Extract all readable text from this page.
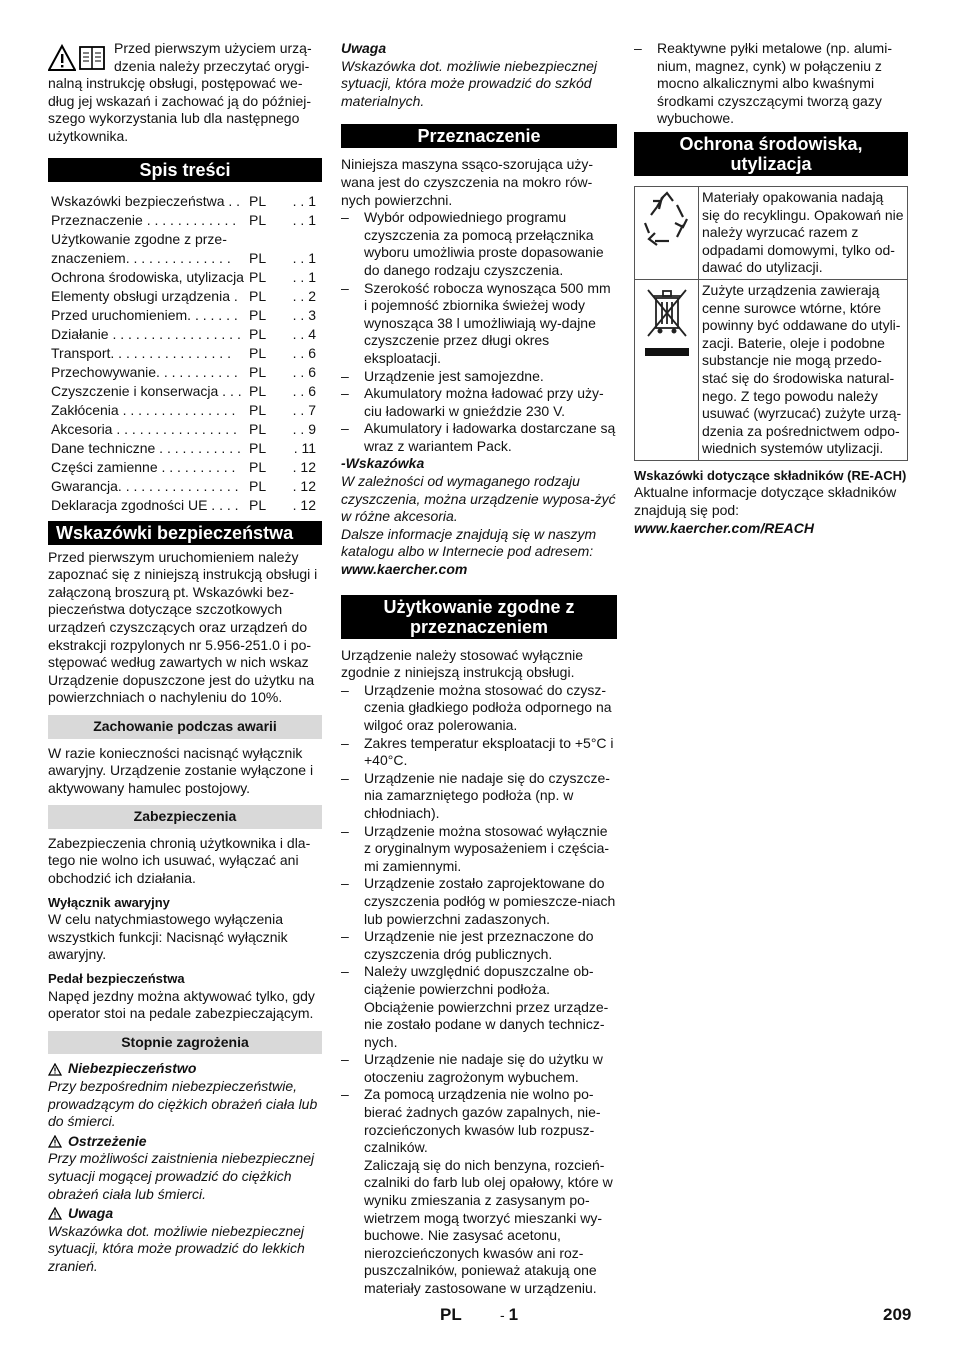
Przed pierwszym użyciem urzą-dzenia należy przeczytać orygi-nalną instrukcję obsługi, postępować we-dług jej wskazań i zachować ją do później-szego wykorzystania lub dla następnego użytkownika.

Spis treści
Wskazówki bezpieczeństwa . .	PL	. . 1
Przeznaczenie . . . . . . . . . . . .	PL	. . 1
Użytkowanie zgodne z prze-		
znaczeniem. . . . . . . . . . . . . .	PL	. . 1
Ochrona środowiska, utylizacja	PL	. . 1
Elementy obsługi urządzenia .	PL	. . 2
Przed uruchomieniem. . . . . . .	PL	. . 3
Działanie . . . . . . . . . . . . . . . . .	PL	. . 4
Transport. . . . . . . . . . . . . . . .	PL	. . 6
Przechowywanie. . . . . . . . . . .	PL	. . 6
Czyszczenie i konserwacja . . .	PL	. . 6
Zakłócenia . . . . . . . . . . . . . . .	PL	. . 7
Akcesoria . . . . . . . . . . . . . . . .	PL	. . 9
Dane techniczne . . . . . . . . . . .	PL	. 11
Części zamienne . . . . . . . . . .	PL	. 12
Gwarancja. . . . . . . . . . . . . . . .	PL	. 12
Deklaracja zgodności UE . . . .	PL	. 12
Wskazówki bezpieczeństwa

Przed pierwszym uruchomieniem należy zapoznać się z niniejszą instrukcją obsługi i załączoną broszurą pt. Wskazówki bez-pieczeństwa dotyczące szczotkowych urządzeń czyszczących oraz urządzeń do ekstrakcji rozpylonych nr 5.956-251.0 i po-stępować według zawartych w nich wskaz Urządzenie dopuszczone jest do użytku na powierzchniach o nachyleniu do 10%.

Zachowanie podczas awarii

W razie konieczności nacisnąć wyłącznik awaryjny. Urządzenie zostanie wyłączone i aktywowany hamulec postojowy.

Zabezpieczenia

Zabezpieczenia chronią użytkownika i dla-tego nie wolno ich usuwać, wyłączać ani obchodzić ich działania.

Wyłącznik awaryjny

W celu natychmiastowego wyłączenia wszystkich funkcji: Nacisnąć wyłącznik awaryjny.

Pedał bezpieczeństwa

Napęd jezdny można aktywować tylko, gdy operator stoi na pedale zabezpieczającym.

Stopnie zagrożenia
Niebezpieczeństwo

Przy bezpośrednim niebezpieczeństwie, prowadzącym do ciężkich obrażeń ciała lub do śmierci.

Ostrzeżenie

Przy możliwości zaistnienia niebezpiecznej sytuacji mogącej prowadzić do ciężkich obrażeń ciała lub śmierci.

Uwaga

Wskazówka dot. możliwie niebezpiecznej sytuacji, która może prowadzić do lekkich zranień.

Uwaga

Wskazówka dot. możliwie niebezpiecznej sytuacji, która może prowadzić do szkód materialnych.

Przeznaczenie

Niniejsza maszyna ssąco-szorująca uży-wana jest do czyszczenia na mokro rów-nych powierzchni.

– Wybór odpowiedniego programu czyszczenia za pomocą przełącznika wyboru umożliwia proste dopasowanie do danego rodzaju czyszczenia.
– Szerokość robocza wynosząca 500 mm i pojemność zbiornika świeżej wody wynosząca 38 l umożliwiają wy-dajne czyszczenie przez długi okres eksploatacji.
– Urządzenie jest samojezdne.
– Akumulatory można ładować przy uży-ciu ładowarki w gnieździe 230 V.
– Akumulatory i ładowarka dostarczane są wraz z wariantem Pack.
-Wskazówka

W zależności od wymaganego rodzaju czyszczenia, można urządzenie wyposa-żyć w różne akcesoria.

Dalsze informacje znajdują się w naszym katalogu albo w Internecie pod adresem:

www.kaercher.com

Użytkowanie zgodne z przeznaczeniem

Urządzenie należy stosować wyłącznie zgodnie z niniejszą instrukcją obsługi.

– Urządzenie można stosować do czysz-czenia gładkiego podłoża odpornego na wilgoć oraz polerowania.
– Zakres temperatur eksploatacji to +5°C i +40°C.
– Urządzenie nie nadaje się do czyszcze-nia zamarzniętego podłoża (np. w chłodniach).
– Urządzenie można stosować wyłącznie z oryginalnym wyposażeniem i częścia-mi zamiennymi.
– Urządzenie zostało zaprojektowane do czyszczenia podłóg w pomieszcze-niach lub powierzchni zadaszonych.
– Urządzenie nie jest przeznaczone do czyszczenia dróg publicznych.
– Należy uwzględnić dopuszczalne ob-ciążenie powierzchni podłoża.
Obciążenie powierzchni przez urządze-nie zostało podane w danych technicz-nych.
– Urządzenie nie nadaje się do użytku w otoczeniu zagrożonym wybuchem.
– Za pomocą urządzenia nie wolno po-bierać żadnych gazów zapalnych, nie-rozcieńczonych kwasów lub rozpusz-czalników.
Zaliczają się do nich benzyna, rozcień-czalniki do farb lub olej opałowy, które w wyniku zmieszania z zasysanym po-wietrzem mogą tworzyć mieszanki wy-buchowe. Nie zasysać acetonu, nierozcieńczonych kwasów ani roz-puszczalników, ponieważ atakują one materiały zastosowane w urządzeniu.
– Reaktywne pyłki metalowe (np. alumi-nium, magnez, cynk) w połączeniu z mocno alkalicznymi albo kwaśnymi środkami czyszczącymi tworzą gazy wybuchowe.
Ochrona środowiska, utylizacja
	Materiały opakowania nadają się do recyklingu. Opakowań nie należy wyrzucać razem z odpadami domowymi, tylko od-dawać do utylizacji.
	Zużyte urządzenia zawierają cenne surowce wtórne, które powinny być oddawane do utyli-zacji. Baterie, oleje i podobne substancje nie mogą przedo-stać się do środowiska natural-nego. Z tego powodu należy usuwać (wyrzucać) zużyte urzą-dzenia za pośrednictwem odpo-wiednich systemów utylizacji.
Wskazówki dotyczące składników (RE-ACH)

Aktualne informacje dotyczące składników znajdują się pod:

www.kaercher.com/REACH

PL	- 1	209
